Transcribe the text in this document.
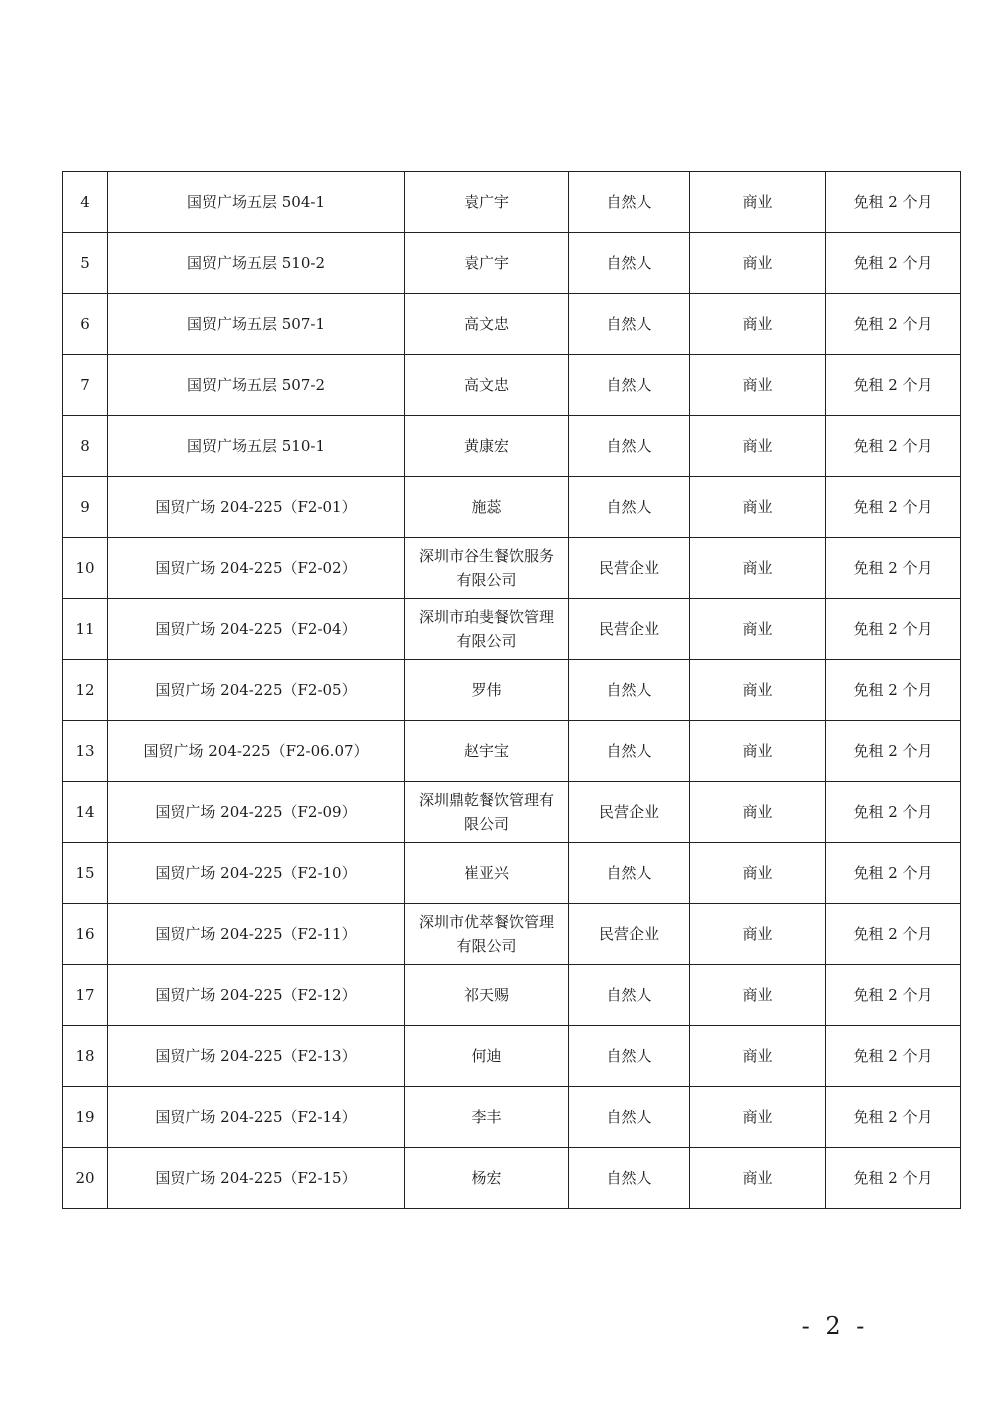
4	国贸广场五层 504-1	袁广宇	自然人	商业	免租 2 个月
5	国贸广场五层 510-2	袁广宇	自然人	商业	免租 2 个月
6	国贸广场五层 507-1	高文忠	自然人	商业	免租 2 个月
7	国贸广场五层 507-2	高文忠	自然人	商业	免租 2 个月
8	国贸广场五层 510-1	黄康宏	自然人	商业	免租 2 个月
9	国贸广场 204-225（F2-01）	施蕊	自然人	商业	免租 2 个月
10	国贸广场 204-225（F2-02）	深圳市谷生餐饮服务有限公司	民营企业	商业	免租 2 个月
11	国贸广场 204-225（F2-04）	深圳市珀斐餐饮管理有限公司	民营企业	商业	免租 2 个月
12	国贸广场 204-225（F2-05）	罗伟	自然人	商业	免租 2 个月
13	国贸广场 204-225（F2-06.07）	赵宇宝	自然人	商业	免租 2 个月
14	国贸广场 204-225（F2-09）	深圳鼎乾餐饮管理有限公司	民营企业	商业	免租 2 个月
15	国贸广场 204-225（F2-10）	崔亚兴	自然人	商业	免租 2 个月
16	国贸广场 204-225（F2-11）	深圳市优萃餐饮管理有限公司	民营企业	商业	免租 2 个月
17	国贸广场 204-225（F2-12）	祁天赐	自然人	商业	免租 2 个月
18	国贸广场 204-225（F2-13）	何迪	自然人	商业	免租 2 个月
19	国贸广场 204-225（F2-14）	李丰	自然人	商业	免租 2 个月
20	国贸广场 204-225（F2-15）	杨宏	自然人	商业	免租 2 个月
- 2 -
